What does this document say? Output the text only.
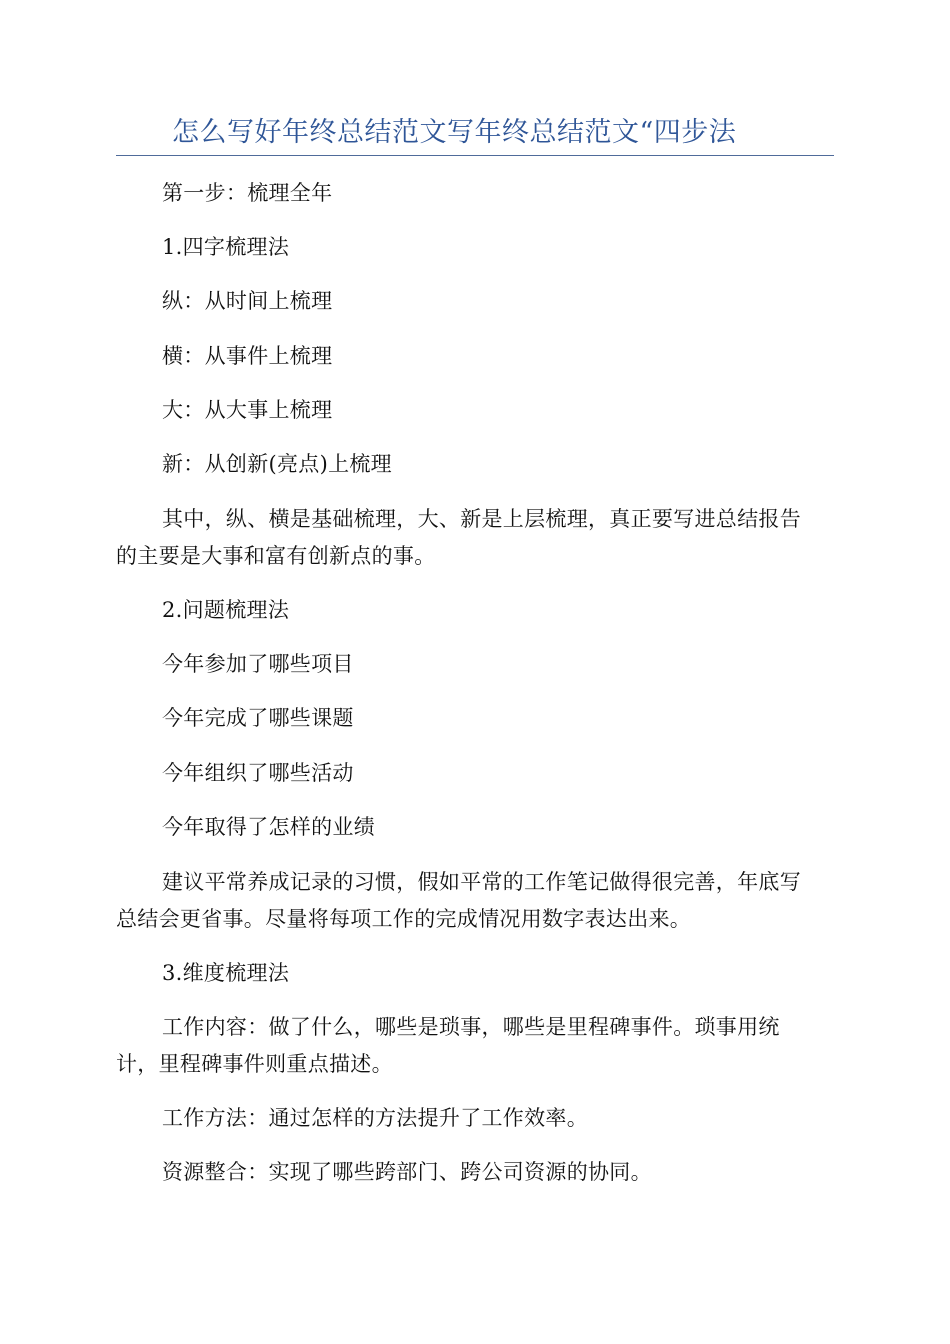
怎么写好年终总结范文写年终总结范文“四步法
第一步：梳理全年
1.四字梳理法
纵：从时间上梳理
横：从事件上梳理
大：从大事上梳理
新：从创新(亮点)上梳理
其中，纵、横是基础梳理，大、新是上层梳理，真正要写进总结报告
的主要是大事和富有创新点的事。
2.问题梳理法
今年参加了哪些项目
今年完成了哪些课题
今年组织了哪些活动
今年取得了怎样的业绩
建议平常养成记录的习惯，假如平常的工作笔记做得很完善，年底写
总结会更省事。尽量将每项工作的完成情况用数字表达出来。
3.维度梳理法
工作内容：做了什么，哪些是琐事，哪些是里程碑事件。琐事用统
计，里程碑事件则重点描述。
工作方法：通过怎样的方法提升了工作效率。
资源整合：实现了哪些跨部门、跨公司资源的协同。
